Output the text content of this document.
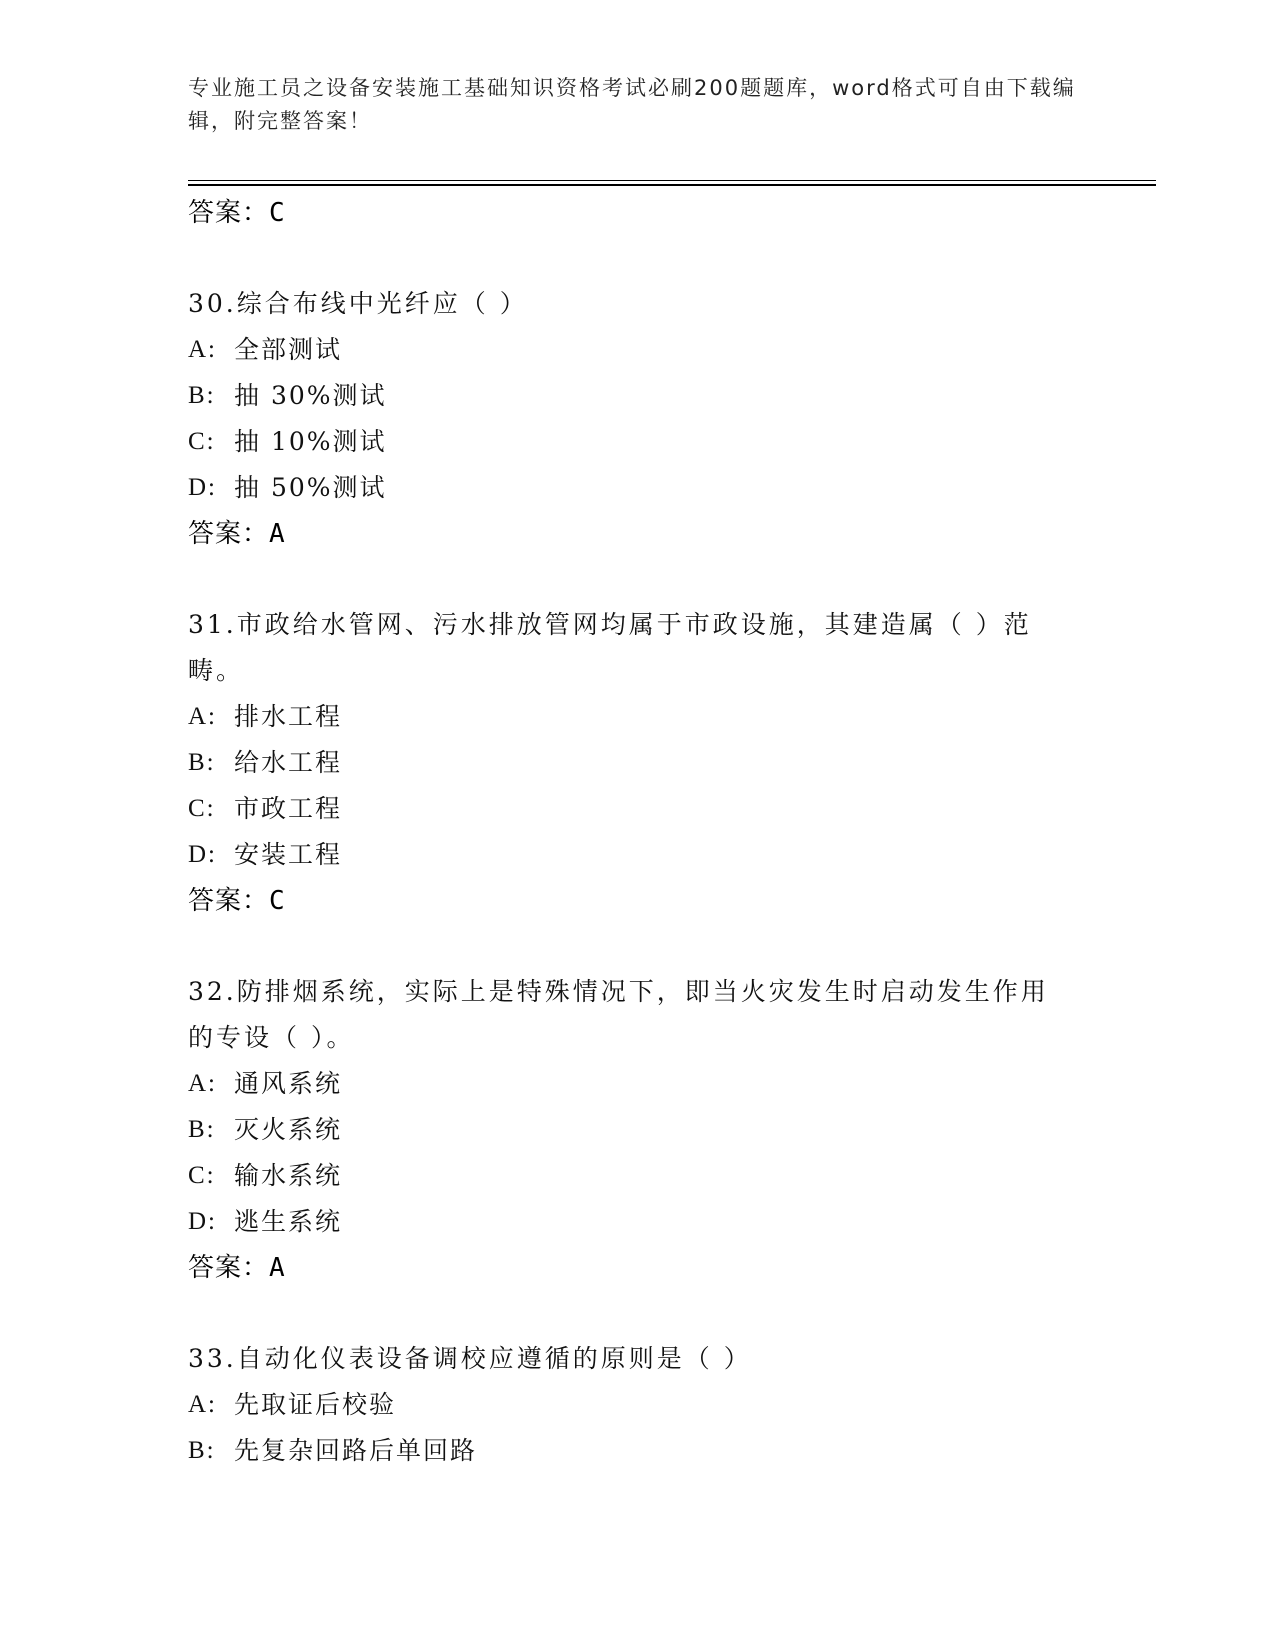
专业施工员之设备安装施工基础知识资格考试必刷200题题库，word格式可自由下载编辑，附完整答案！

答案：C
30.综合布线中光纤应（ ）
A: 全部测试
B: 抽 30%测试
C: 抽 10%测试
D: 抽 50%测试
答案：A
31.市政给水管网、污水排放管网均属于市政设施，其建造属（ ）范
畴。
A: 排水工程
B: 给水工程
C: 市政工程
D: 安装工程
答案：C
32.防排烟系统，实际上是特殊情况下，即当火灾发生时启动发生作用
的专设（ ）。
A: 通风系统
B: 灭火系统
C: 输水系统
D: 逃生系统
答案：A
33.自动化仪表设备调校应遵循的原则是（ ）
A: 先取证后校验
B: 先复杂回路后单回路
